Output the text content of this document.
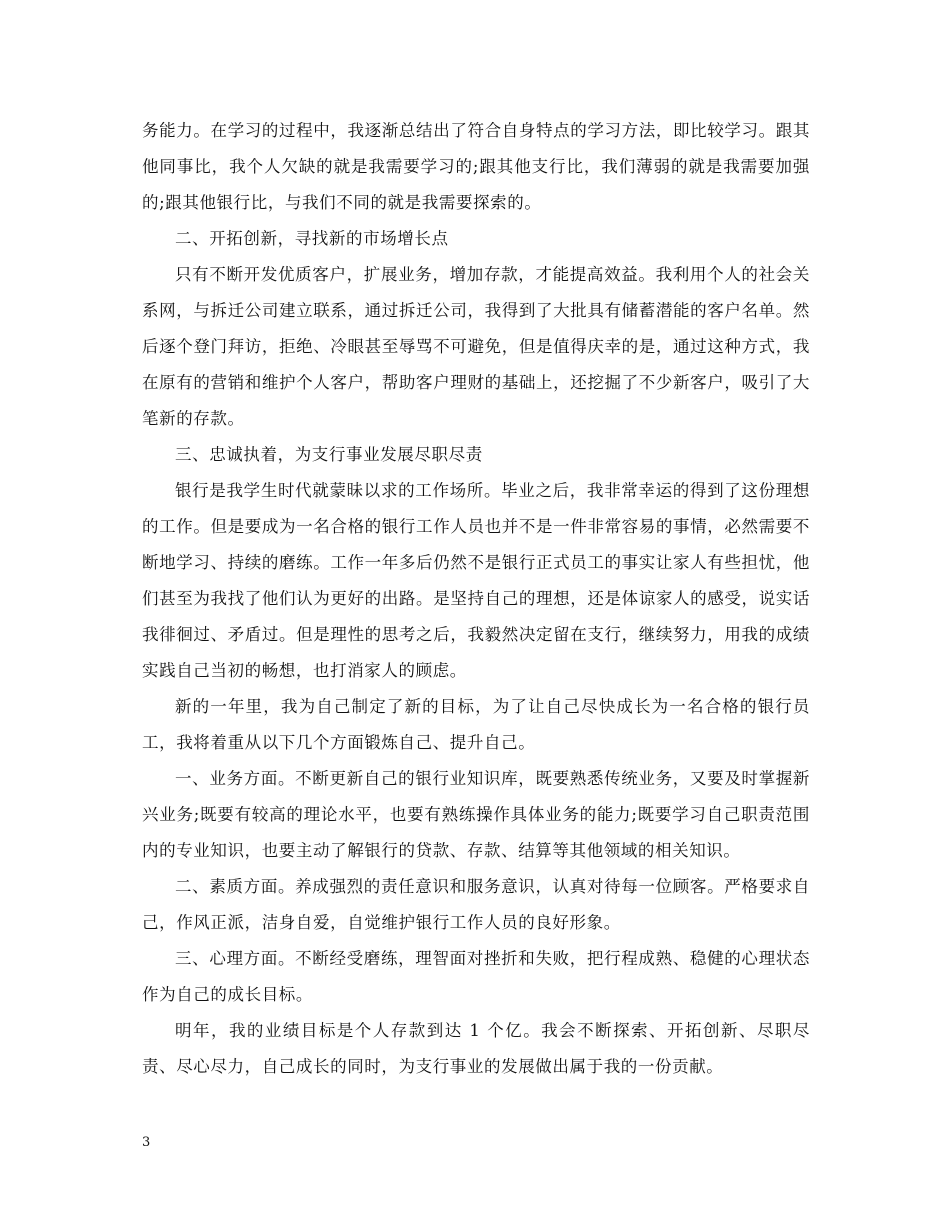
务能力。在学习的过程中，我逐渐总结出了符合自身特点的学习方法，即比较学习。跟其他同事比，我个人欠缺的就是我需要学习的;跟其他支行比，我们薄弱的就是我需要加强的;跟其他银行比，与我们不同的就是我需要探索的。

二、开拓创新，寻找新的市场增长点

只有不断开发优质客户，扩展业务，增加存款，才能提高效益。我利用个人的社会关系网，与拆迁公司建立联系，通过拆迁公司，我得到了大批具有储蓄潜能的客户名单。然后逐个登门拜访，拒绝、冷眼甚至辱骂不可避免，但是值得庆幸的是，通过这种方式，我在原有的营销和维护个人客户，帮助客户理财的基础上，还挖掘了不少新客户，吸引了大笔新的存款。

三、忠诚执着，为支行事业发展尽职尽责

银行是我学生时代就蒙昧以求的工作场所。毕业之后，我非常幸运的得到了这份理想的工作。但是要成为一名合格的银行工作人员也并不是一件非常容易的事情，必然需要不断地学习、持续的磨练。工作一年多后仍然不是银行正式员工的事实让家人有些担忧，他们甚至为我找了他们认为更好的出路。是坚持自己的理想，还是体谅家人的感受，说实话我徘徊过、矛盾过。但是理性的思考之后，我毅然决定留在支行，继续努力，用我的成绩实践自己当初的畅想，也打消家人的顾虑。

新的一年里，我为自己制定了新的目标，为了让自己尽快成长为一名合格的银行员工，我将着重从以下几个方面锻炼自己、提升自己。

一、业务方面。不断更新自己的银行业知识库，既要熟悉传统业务，又要及时掌握新兴业务;既要有较高的理论水平，也要有熟练操作具体业务的能力;既要学习自己职责范围内的专业知识，也要主动了解银行的贷款、存款、结算等其他领域的相关知识。

二、素质方面。养成强烈的责任意识和服务意识，认真对待每一位顾客。严格要求自己，作风正派，洁身自爱，自觉维护银行工作人员的良好形象。

三、心理方面。不断经受磨练，理智面对挫折和失败，把行程成熟、稳健的心理状态作为自己的成长目标。

明年，我的业绩目标是个人存款到达 1 个亿。我会不断探索、开拓创新、尽职尽责、尽心尽力，自己成长的同时，为支行事业的发展做出属于我的一份贡献。

3
